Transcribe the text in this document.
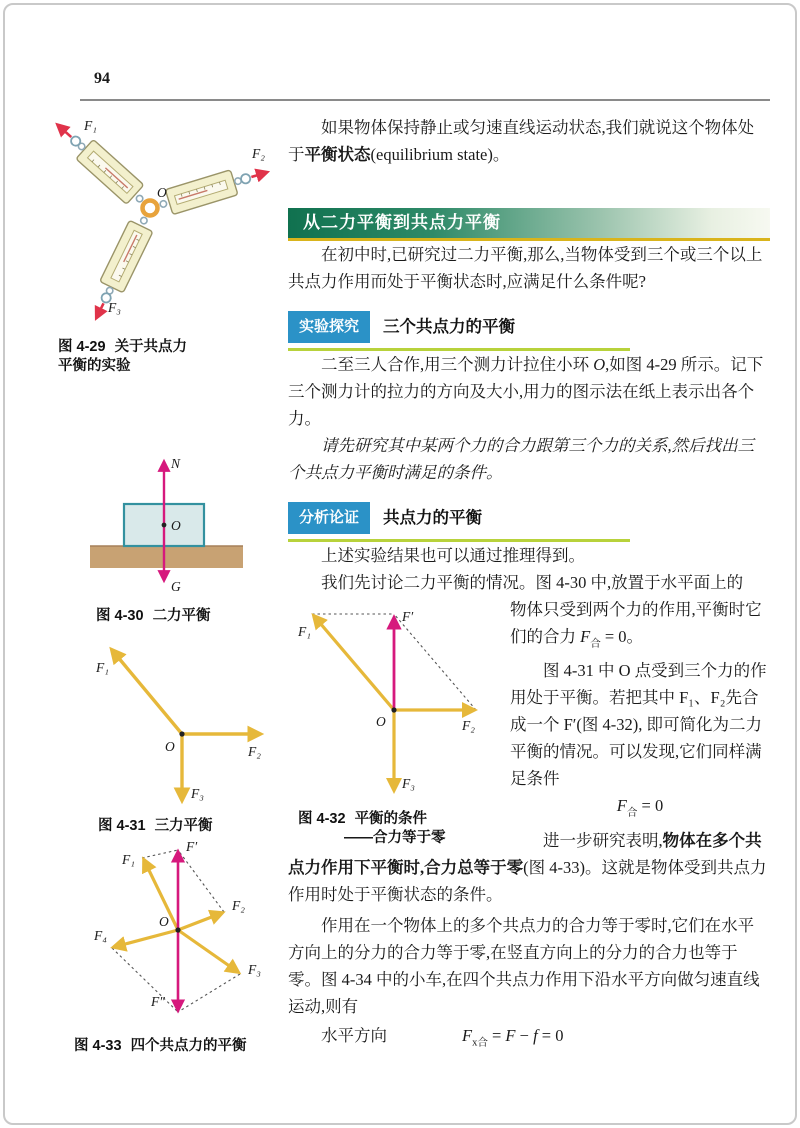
94
F₁
F₂
F₃
O
图 4-29 关于共点力
平衡的实验
N
O
G
图 4-30 二力平衡
F₁
O	F₂
F₃
图 4-31 三力平衡
F′
F₁
F₂
F₄
F₃
F″
O
图 4-33 四个共点力的平衡

如果物体保持静止或匀速直线运动状态,我们就说这个物体处于平衡状态(equilibrium state)。

从二力平衡到共点力平衡

在初中时,已研究过二力平衡,那么,当物体受到三个或三个以上共点力作用而处于平衡状态时,应满足什么条件呢?

实验探究	三个共点力的平衡

二至三人合作,用三个测力计拉住小环 O,如图 4-29 所示。记下三个测力计的拉力的方向及大小,用力的图示法在纸上表示出各个力。

请先研究其中某两个力的合力跟第三个力的关系,然后找出三个共点力平衡时满足的条件。

分析论证	共点力的平衡

上述实验结果也可以通过推理得到。

我们先讨论二力平衡的情况。图 4-30 中,放置于水平面上的

F₁
F′
O	F₂
F₃
图 4-32 平衡的条件
——合力等于零

物体只受到两个力的作用,平衡时它们的合力 $F_合 = 0$。

图 4-31 中 O 点受到三个力的作用处于平衡。若把其中 F₁、F₂先合成一个 F′(图 4-32), 即可简化为二力平衡的情况。可以发现,它们同样满足条件

$F_合 = 0$

进一步研究表明,物体在多个共点力作用下平衡时,合力总等于零(图 4-33)。这就是物体受到共点力作用时处于平衡状态的条件。

作用在一个物体上的多个共点力的合力等于零时,它们在水平方向上的分力的合力等于零,在竖直方向上的分力的合力也等于零。图 4-34 中的小车,在四个共点力作用下沿水平方向做匀速直线运动,则有

水平方向	$F_{x合} = F - f = 0$
